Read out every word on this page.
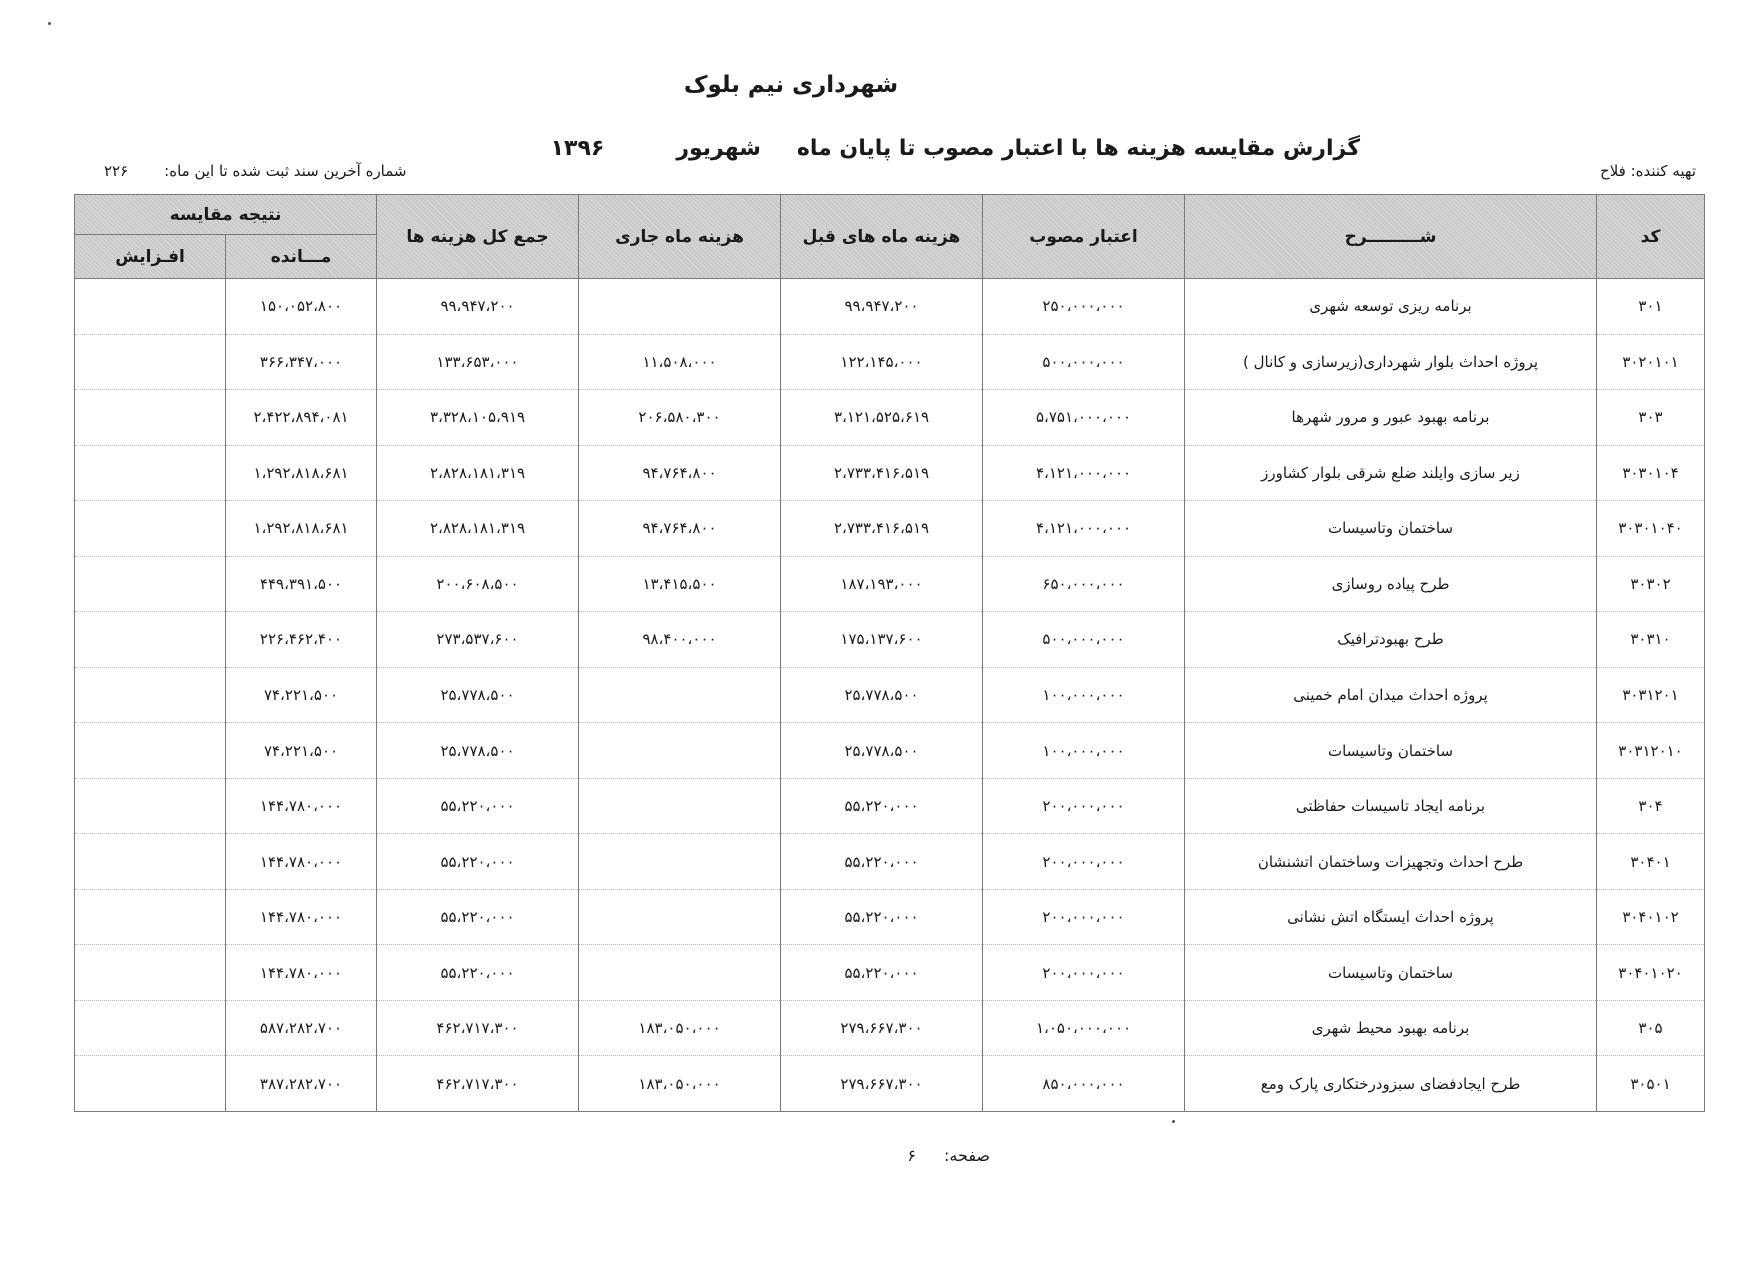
شهرداری نیم بلوک
گزارش مقایسه هزینه ها با اعتبار مصوب تا پایان ماهشهریور۱۳۹۶
تهیه کننده: فلاح
شماره آخرین سند ثبت شده تا این ماه:۲۲۶
کد	شـــــــــرح	اعتبار مصوب	هزینه ماه های قبل	هزینه ماه جاری	جمع کل هزینه ها	نتیجه مقایسه	
						مـــانده	افـزایش
۳۰۱	برنامه ریزی توسعه شهری	۲۵۰،۰۰۰،۰۰۰	۹۹،۹۴۷،۲۰۰		۹۹،۹۴۷،۲۰۰	۱۵۰،۰۵۲،۸۰۰	
۳۰۲۰۱۰۱	پروژه احداث بلوار شهرداری(زیرسازی و کانال )	۵۰۰،۰۰۰،۰۰۰	۱۲۲،۱۴۵،۰۰۰	۱۱،۵۰۸،۰۰۰	۱۳۳،۶۵۳،۰۰۰	۳۶۶،۳۴۷،۰۰۰	
۳۰۳	برنامه بهبود عبور و مرور شهرها	۵،۷۵۱،۰۰۰،۰۰۰	۳،۱۲۱،۵۲۵،۶۱۹	۲۰۶،۵۸۰،۳۰۰	۳،۳۲۸،۱۰۵،۹۱۹	۲،۴۲۲،۸۹۴،۰۸۱	
۳۰۳۰۱۰۴	زیر سازی وایلند ضلع شرقی بلوار کشاورز	۴،۱۲۱،۰۰۰،۰۰۰	۲،۷۳۳،۴۱۶،۵۱۹	۹۴،۷۶۴،۸۰۰	۲،۸۲۸،۱۸۱،۳۱۹	۱،۲۹۲،۸۱۸،۶۸۱	
۳۰۳۰۱۰۴۰	ساختمان وتاسیسات	۴،۱۲۱،۰۰۰،۰۰۰	۲،۷۳۳،۴۱۶،۵۱۹	۹۴،۷۶۴،۸۰۰	۲،۸۲۸،۱۸۱،۳۱۹	۱،۲۹۲،۸۱۸،۶۸۱	
۳۰۳۰۲	طرح پیاده روسازی	۶۵۰،۰۰۰،۰۰۰	۱۸۷،۱۹۳،۰۰۰	۱۳،۴۱۵،۵۰۰	۲۰۰،۶۰۸،۵۰۰	۴۴۹،۳۹۱،۵۰۰	
۳۰۳۱۰	طرح بهبودترافیک	۵۰۰،۰۰۰،۰۰۰	۱۷۵،۱۳۷،۶۰۰	۹۸،۴۰۰،۰۰۰	۲۷۳،۵۳۷،۶۰۰	۲۲۶،۴۶۲،۴۰۰	
۳۰۳۱۲۰۱	پروژه احداث میدان امام خمینی	۱۰۰،۰۰۰،۰۰۰	۲۵،۷۷۸،۵۰۰		۲۵،۷۷۸،۵۰۰	۷۴،۲۲۱،۵۰۰	
۳۰۳۱۲۰۱۰	ساختمان وتاسیسات	۱۰۰،۰۰۰،۰۰۰	۲۵،۷۷۸،۵۰۰		۲۵،۷۷۸،۵۰۰	۷۴،۲۲۱،۵۰۰	
۳۰۴	برنامه ایجاد تاسیسات حفاظتی	۲۰۰،۰۰۰،۰۰۰	۵۵،۲۲۰،۰۰۰		۵۵،۲۲۰،۰۰۰	۱۴۴،۷۸۰،۰۰۰	
۳۰۴۰۱	طرح احداث وتجهیزات وساختمان اتشنشان	۲۰۰،۰۰۰،۰۰۰	۵۵،۲۲۰،۰۰۰		۵۵،۲۲۰،۰۰۰	۱۴۴،۷۸۰،۰۰۰	
۳۰۴۰۱۰۲	پروژه احداث ایستگاه اتش نشانی	۲۰۰،۰۰۰،۰۰۰	۵۵،۲۲۰،۰۰۰		۵۵،۲۲۰،۰۰۰	۱۴۴،۷۸۰،۰۰۰	
۳۰۴۰۱۰۲۰	ساختمان وتاسیسات	۲۰۰،۰۰۰،۰۰۰	۵۵،۲۲۰،۰۰۰		۵۵،۲۲۰،۰۰۰	۱۴۴،۷۸۰،۰۰۰	
۳۰۵	برنامه بهبود محیط شهری	۱،۰۵۰،۰۰۰،۰۰۰	۲۷۹،۶۶۷،۳۰۰	۱۸۳،۰۵۰،۰۰۰	۴۶۲،۷۱۷،۳۰۰	۵۸۷،۲۸۲،۷۰۰	
۳۰۵۰۱	طرح ایجادفضای سبزودرختکاری پارک ومع	۸۵۰،۰۰۰،۰۰۰	۲۷۹،۶۶۷،۳۰۰	۱۸۳،۰۵۰،۰۰۰	۴۶۲،۷۱۷،۳۰۰	۳۸۷،۲۸۲،۷۰۰	
صفحه:۶
